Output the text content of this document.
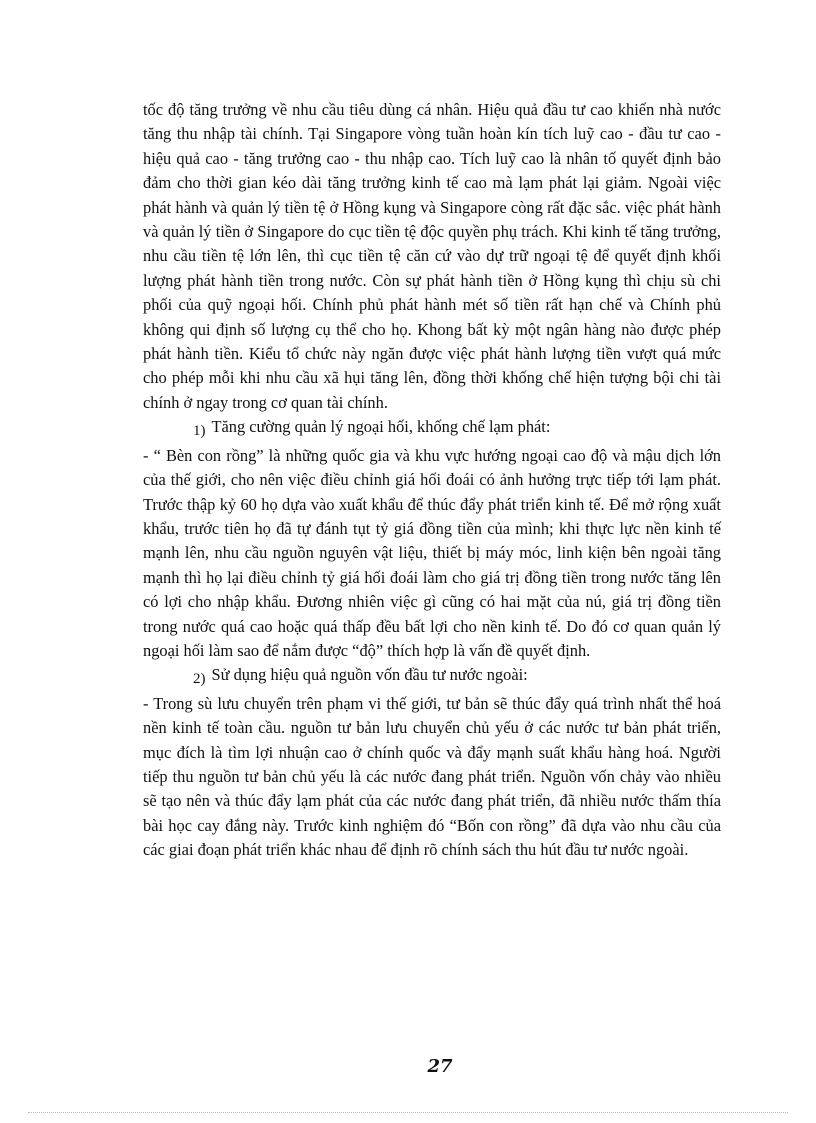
tốc độ tăng trưởng về nhu cầu tiêu dùng cá nhân. Hiệu quả đầu tư cao khiến nhà nước tăng thu nhập tài chính. Tại Singapore vòng tuần hoàn kín tích luỹ cao - đầu tư cao - hiệu quả cao - tăng trưởng cao - thu nhập cao. Tích luỹ cao là nhân tố quyết định bảo đảm cho thời gian kéo dài tăng trưởng kinh tế cao mà lạm phát lại giảm. Ngoài việc phát hành và quản lý tiền tệ ở Hồng kụng và Singapore còng rất đặc sắc. việc phát hành và quản lý tiền ở Singapore do cục tiền tệ độc quyền phụ trách. Khi kinh tế tăng trưởng, nhu cầu tiền tệ lớn lên, thì cục tiền tệ căn cứ vào dự trữ ngoại tệ để quyết định khối lượng phát hành tiền trong nước. Còn sự phát hành tiền ở Hồng kụng thì chịu sù chi phối của quỹ ngoại hối. Chính phủ phát hành mét số tiền rất hạn chế và Chính phủ không qui định số lượng cụ thể cho họ. Khong bất kỳ một ngân hàng nào được phép phát hành tiền. Kiểu tổ chức này ngăn được việc phát hành lượng tiền vượt quá mức cho phép mỗi khi nhu cầu xã hụi tăng lên, đồng thời khống chế hiện tượng bội chi tài chính ở ngay trong cơ quan tài chính.

1) Tăng cường quản lý ngoại hối, khống chế lạm phát:

- “ Bèn con rồng” là những quốc gia và khu vực hướng ngoại cao độ và mậu dịch lớn của thế giới, cho nên việc điều chỉnh giá hối đoái có ảnh hưởng trực tiếp tới lạm phát. Trước thập kỷ 60 họ dựa vào xuất khẩu để thúc đẩy phát triển kinh tế. Để mở rộng xuất khẩu, trước tiên họ đã tự đánh tụt tỷ giá đồng tiền của mình; khi thực lực nền kinh tế mạnh lên, nhu cầu nguồn nguyên vật liệu, thiết bị máy móc, linh kiện bên ngoài tăng mạnh thì họ lại điều chỉnh tỷ giá hối đoái làm cho giá trị đồng tiền trong nước tăng lên có lợi cho nhập khẩu. Đương nhiên việc gì cũng có hai mặt của nú, giá trị đồng tiền trong nước quá cao hoặc quá thấp đều bất lợi cho nền kinh tế. Do đó cơ quan quản lý ngoại hối làm sao để nắm được “độ” thích hợp là vấn đề quyết định.

2) Sử dụng hiệu quả nguồn vốn đầu tư nước ngoài:

- Trong sù lưu chuyển trên phạm vi thế giới, tư bản sẽ thúc đẩy quá trình nhất thể hoá nền kinh tế toàn cầu. nguồn tư bản lưu chuyển chủ yếu ở các nước tư bản phát triển, mục đích là tìm lợi nhuận cao ở chính quốc và đẩy mạnh suất khẩu hàng hoá. Người tiếp thu nguồn tư bản chủ yếu là các nước đang phát triển. Nguồn vốn chảy vào nhiều sẽ tạo nên và thúc đẩy lạm phát của các nước đang phát triển, đã nhiều nước thấm thía bài học cay đắng này. Trước kinh nghiệm đó “Bốn con rồng” đã dựa vào nhu cầu của các giai đoạn phát triển khác nhau để định rõ chính sách thu hút đầu tư nước ngoài.

27
